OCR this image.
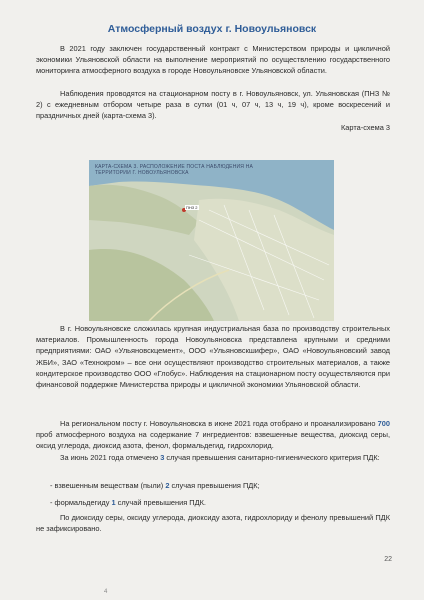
Атмосферный воздух г. Новоульяновск
В 2021 году заключен государственный контракт с Министерством природы и цикличной экономики Ульяновской области на выполнение мероприятий по осуществлению государственного мониторинга атмосферного воздуха в городе Новоульяновске Ульяновской области.
Наблюдения проводятся на стационарном посту в г. Новоульяновск, ул. Ульяновская (ПНЗ № 2) с ежедневным отбором четыре раза в сутки (01 ч, 07 ч, 13 ч, 19 ч), кроме воскресений и праздничных дней (карта-схема 3).
Карта-схема 3
КАРТА-СХЕМА 3. РАСПОЛОЖЕНИЕ ПОСТА НАБЛЮДЕНИЯ НА ТЕРРИТОРИИ Г. НОВОУЛЬЯНОВСКА
ПНЗ 2
В г. Новоульяновске сложилась крупная индустриальная база по производству строительных материалов. Промышленность города Новоульяновска представлена крупными и средними предприятиями: ОАО «Ульяновскцемент», ООО «Ульяновскшифер», ОАО «Новоульяновский завод ЖБИ», ЗАО «Технокром» – все они осуществляют производство строительных материалов, а также кондитерское производство ООО «Глобус». Наблюдения на стационарном посту осуществляются при финансовой поддержке Министерства природы и цикличной экономики Ульяновской области.
На региональном посту г. Новоульяновска в июне 2021 года отобрано и проанализировано 700 проб атмосферного воздуха на содержание 7 ингредиентов: взвешенные вещества, диоксид серы, оксид углерода, диоксид азота, фенол, формальдегид, гидрохлорид.
За июнь 2021 года отмечено 3 случая превышения санитарно-гигиенического критерия ПДК:
- взвешенным веществам (пыли) 2 случая превышения ПДК;
- формальдегиду 1 случай превышения ПДК.
По диоксиду серы, оксиду углерода, диоксиду азота, гидрохлориду и фенолу превышений ПДК не зафиксировано.
22
4
